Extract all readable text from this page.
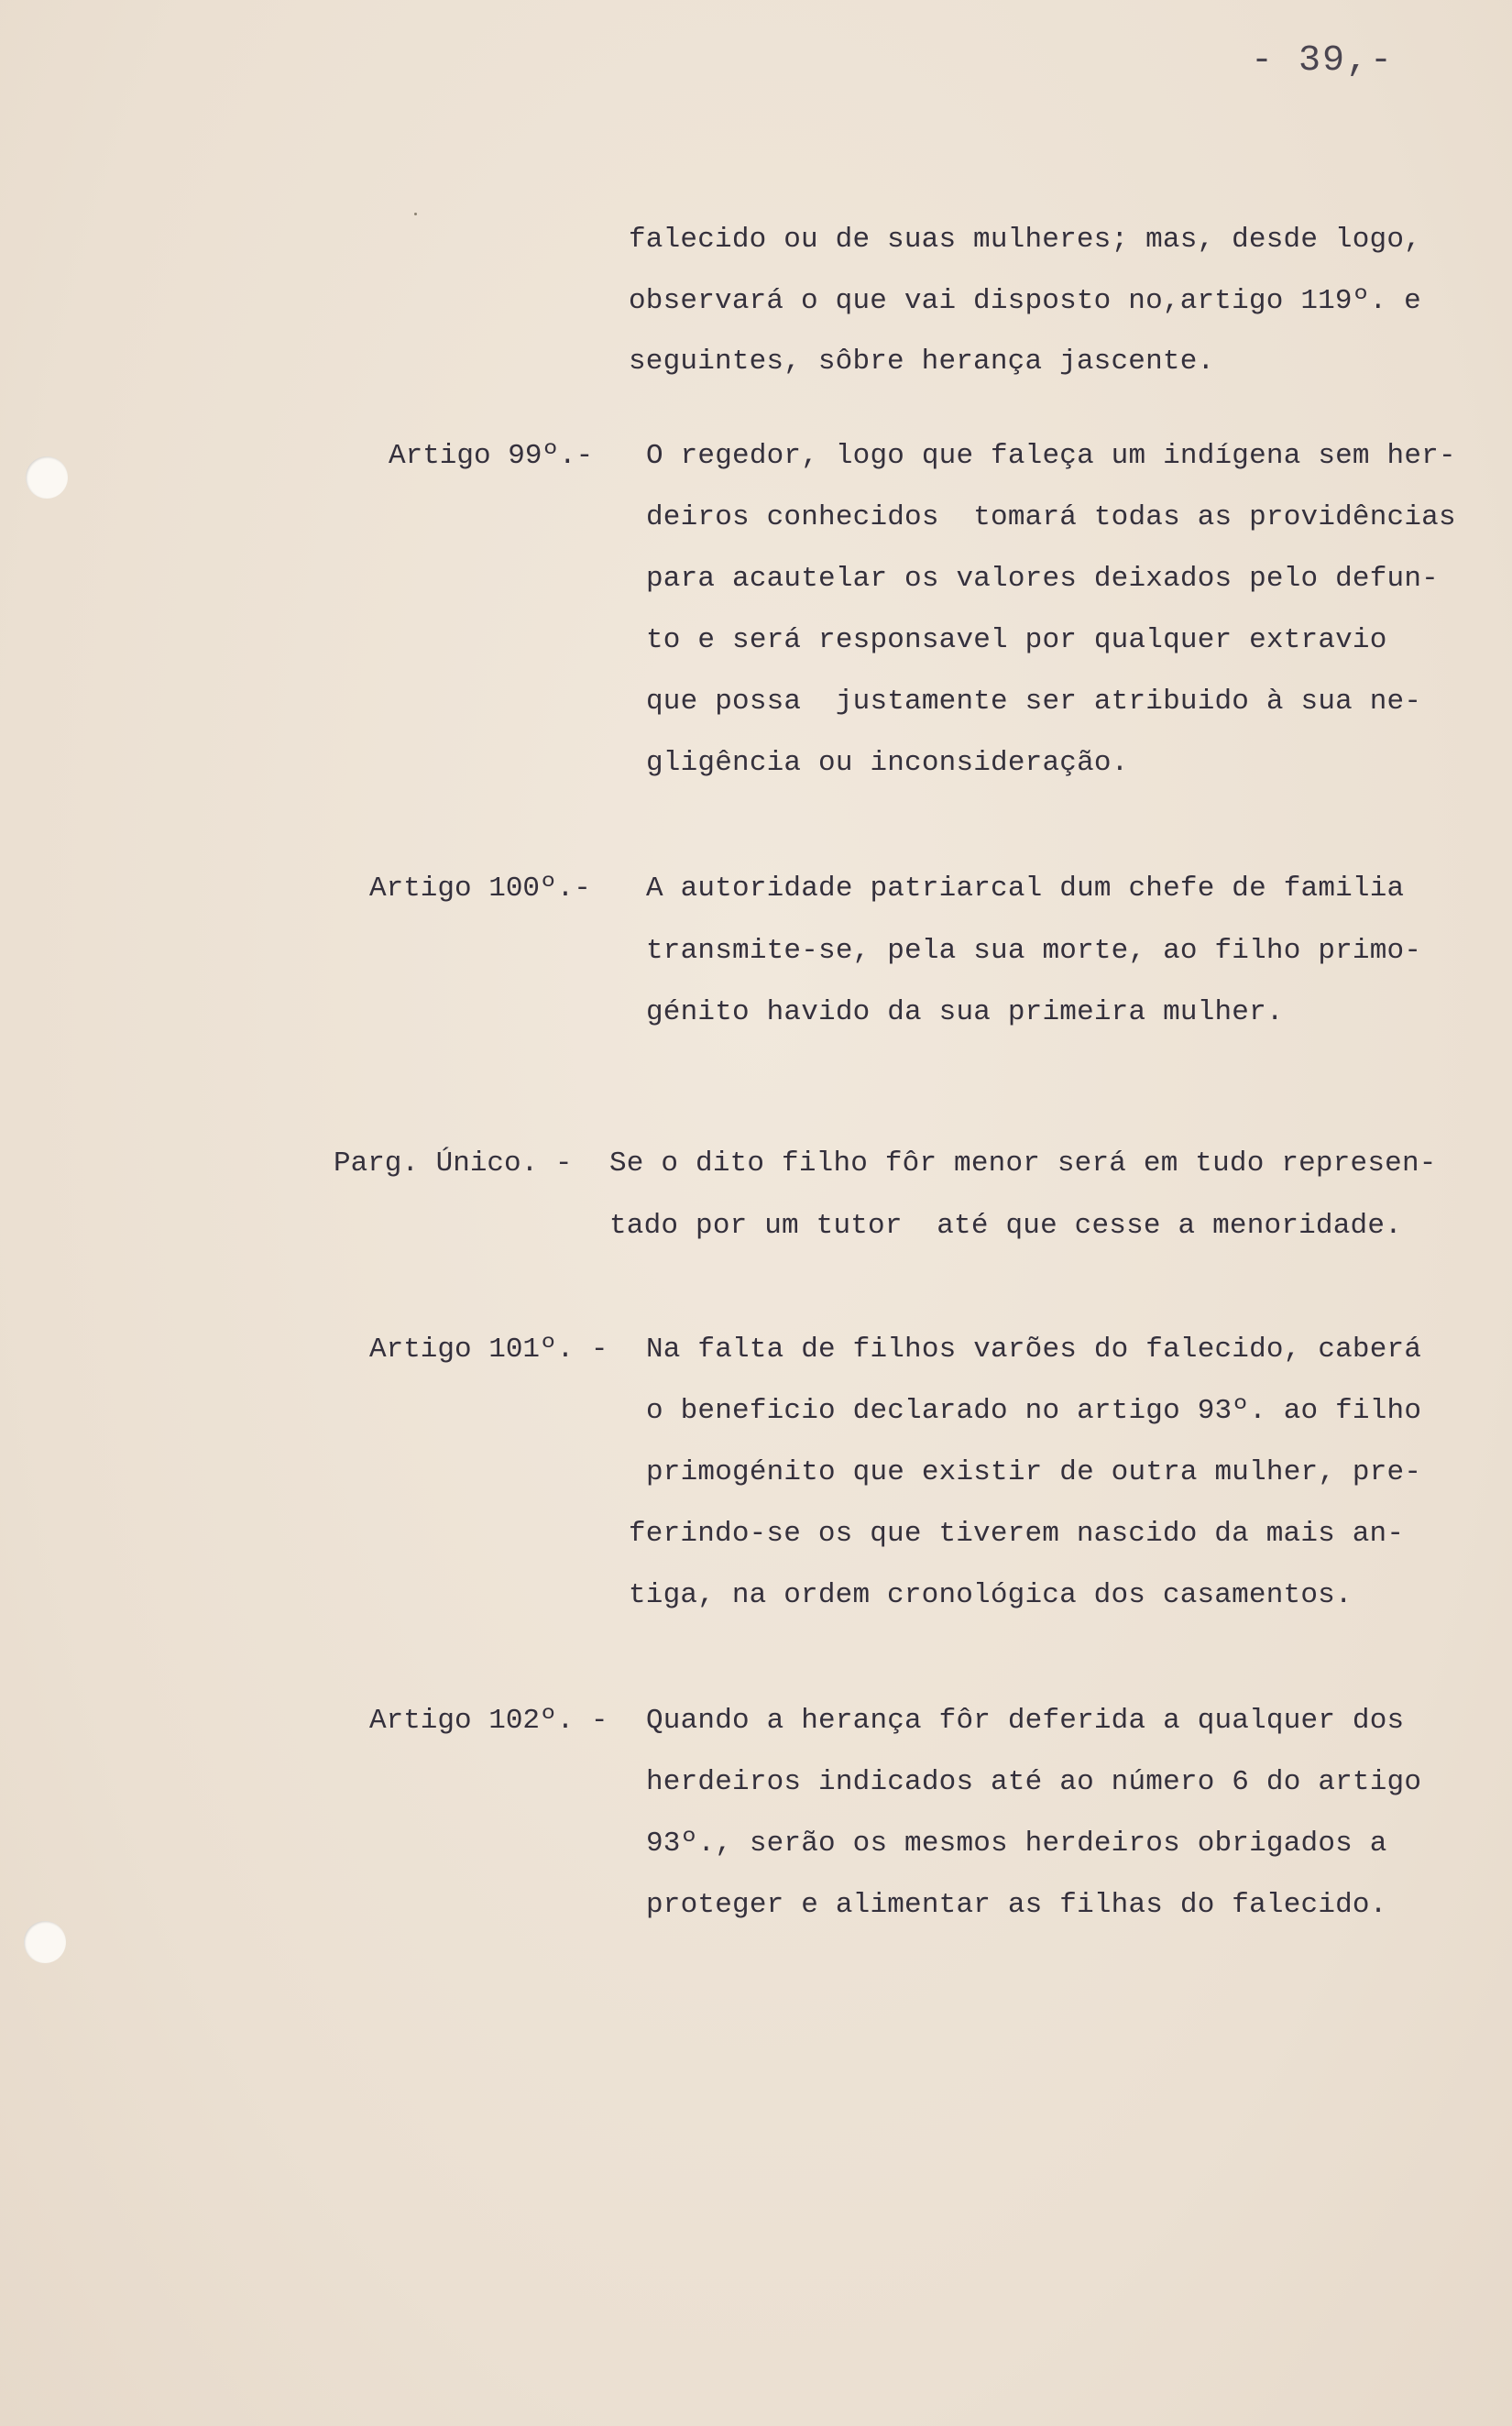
- 39,-
falecido ou de suas mulheres; mas, desde logo,
observará o que vai disposto no,artigo 119º. e
seguintes, sôbre herança jascente.
Artigo 99º.- O regedor, logo que faleça um indígena sem her-
deiros conhecidos  tomará todas as providências
para acautelar os valores deixados pelo defun-
to e será responsavel por qualquer extravio
que possa  justamente ser atribuido à sua ne-
gligência ou inconsideração.
Artigo 100º.- A autoridade patriarcal dum chefe de familia
transmite-se, pela sua morte, ao filho primo-
génito havido da sua primeira mulher.
Parg. Único. - Se o dito filho fôr menor será em tudo represen-
tado por um tutor  até que cesse a menoridade.
Artigo 101º. - Na falta de filhos varões do falecido, caberá
o beneficio declarado no artigo 93º. ao filho
primogénito que existir de outra mulher, pre-
ferindo-se os que tiverem nascido da mais an-
tiga, na ordem cronológica dos casamentos.
Artigo 102º. - Quando a herança fôr deferida a qualquer dos
herdeiros indicados até ao número 6 do artigo
93º., serão os mesmos herdeiros obrigados a
proteger e alimentar as filhas do falecido.
